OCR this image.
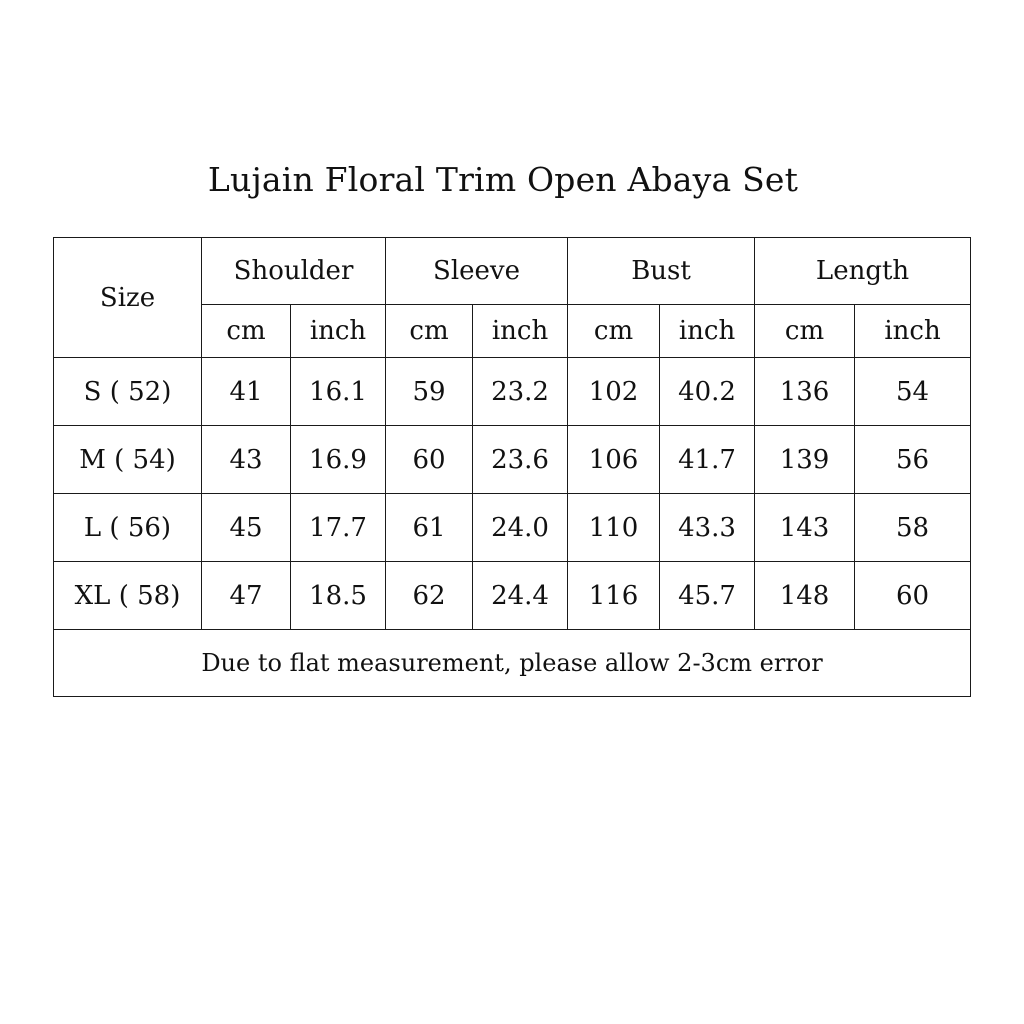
Lujain Floral Trim Open Abaya Set
Size	Shoulder		Sleeve		Bust		Length	
	cm	inch	cm	inch	cm	inch	cm	inch
S ( 52)	41	16.1	59	23.2	102	40.2	136	54
M ( 54)	43	16.9	60	23.6	106	41.7	139	56
L ( 56)	45	17.7	61	24.0	110	43.3	143	58
XL ( 58)	47	18.5	62	24.4	116	45.7	148	60
Due to flat measurement, please allow 2-3cm error								
